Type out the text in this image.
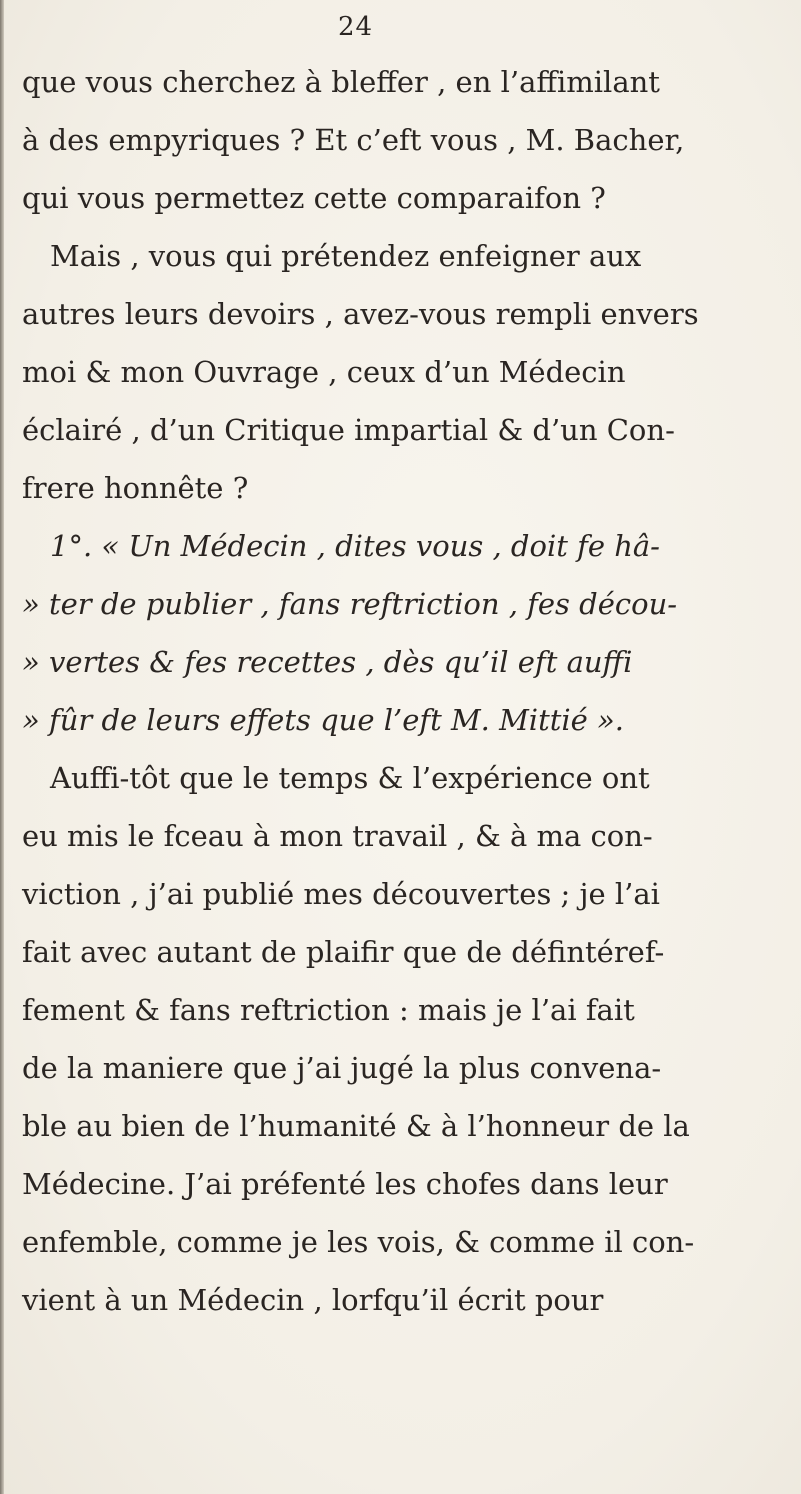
24
que vous cherchez à bleffer , en l’affimilant
à des empyriques ? Et c’eft vous , M. Bacher,
qui vous permettez cette comparaifon ?
Mais , vous qui prétendez enfeigner aux
autres leurs devoirs , avez-vous rempli envers
moi & mon Ouvrage , ceux d’un Médecin
éclairé , d’un Critique impartial & d’un Con-
frere honnête ?
1°. « Un Médecin , dites vous , doit fe hâ-
» ter de publier , fans reftriction , fes décou-
» vertes & fes recettes , dès qu’il eft auffi
» fûr de leurs effets que l’eft M. Mittié ».
Auffi-tôt que le temps & l’expérience ont
eu mis le fceau à mon travail , & à ma con-
viction , j’ai publié mes découvertes ; je l’ai
fait avec autant de plaifir que de défintéref-
fement & fans reftriction : mais je l’ai fait
de la maniere que j’ai jugé la plus convena-
ble au bien de l’humanité & à l’honneur de la
Médecine. J’ai préfenté les chofes dans leur
enfemble, comme je les vois, & comme il con-
vient à un Médecin , lorfqu’il écrit pour
